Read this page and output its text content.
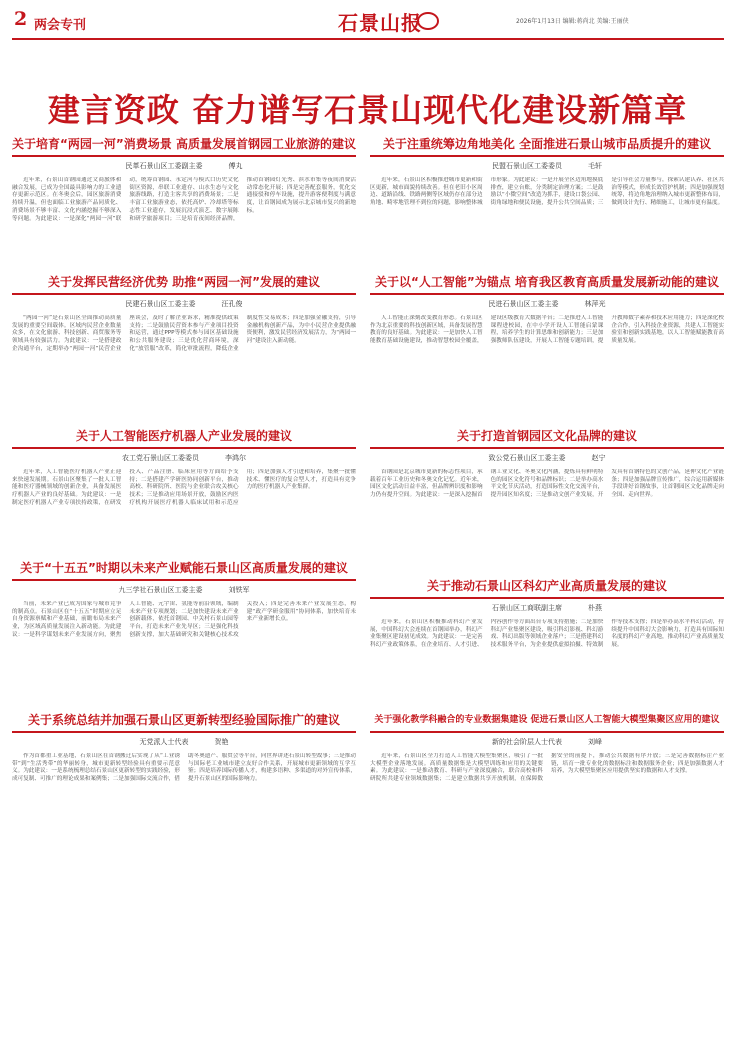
2 两会专刊	石景山报	2026年1月13日 编辑:蒋尚北 美编:王丽侠
建言资政 奋力谱写石景山现代化建设新篇章
关于培育“两园一河”消费场景 高质量发展首钢园工业旅游的建议
民革石景山区工委副主委	傅丸

近年来，石景山首钢园通过文商旅体和融合发展，已成为全国最具影响力的工业遗存更新示范区。在冬奥会后，园区旅游消费持续升温，但也面临工业旅游产品同质化、消费场景不够丰富、文化内涵挖掘不够深入等问题。为此建议：一是深化“两园一河”联动，统筹首钢园、永定河与模式口历史文化街区资源，串联工业遗存、山水生态与文化旅游线路，打造主客共享的消费场景；二是丰富工业旅游业态，依托高炉、冷却塔等标志性工业遗存，发展沉浸式演艺、数字展陈和研学旅游项目；三是培育夜间经济品牌，推动首钢园灯光秀、滨水市集等夜间消费活动常态化开展；四是完善配套服务，优化交通接驳和停车设施，提升游客便利度与满意度，让首钢园成为展示北京城市复兴的新地标。

关于注重统筹边角地美化 全面推进石景山城市品质提升的建议
民盟石景山区工委委员	毛轩

近年来，石景山区积极推进城市更新和街区更新，城市面貌持续改善。但在老旧小区周边、道路沿线、铁路两侧等区域仍存在部分边角地、畸零地管理不到位的问题，影响整体城市形象。为此建议：一是开展全区边角地摸底排查，建立台账，分类制定治理方案；二是鼓励以“小微空间”改造为抓手，建设口袋公园、街角绿地和便民设施，提升公共空间品质；三是引导社会力量参与，探索认建认养、社区共治等模式，形成长效管护机制；四是加强规划统筹，将边角地治理纳入城市更新整体布局，做到设计先行、精细施工，让城市更有温度。

关于发挥民营经济优势 助推“两园一河”发展的建议
民建石景山区工委主委	汪孔俊

“两园一河”是石景山区全面推动高质量发展的重要空间载体。区域内民营企业数量众多，在文化旅游、科技创新、商贸服务等领域具有较强活力。为此建议：一是搭建政企沟通平台，定期举办“两园一河”民营企业座谈会，及时了解企业诉求，精准提供政策支持；二是鼓励民营资本参与产业项目投资和运营，通过PPP等模式参与园区基础设施和公共服务建设；三是优化营商环境，深化“放管服”改革，简化审批流程，降低企业制度性交易成本；四是加强金融支持，引导金融机构创新产品，为中小民营企业提供融资便利，激发民营经济发展活力，为“两园一河”建设注入新动能。

关于以“人工智能”为锚点 培育我区教育高质量发展新动能的建议
民进石景山区工委主委	林萍光

人工智能正深刻改变教育形态。石景山区作为北京重要的科技创新区域，具备发展智慧教育的良好基础。为此建议：一是加快人工智能教育基础设施建设，推动智慧校园全覆盖，建设区级教育大数据平台；二是推进人工智能课程进校园，在中小学开设人工智能启蒙课程，培养学生的计算思维和创新能力；三是加强教师队伍建设，开展人工智能专题培训，提升教师数字素养和技术应用能力；四是深化校企合作，引入科技企业资源，共建人工智能实验室和创新实践基地，以人工智能赋能教育高质量发展。

关于人工智能医疗机器人产业发展的建议
农工党石景山区工委委员	李鸿尔

近年来，人工智能医疗机器人产业正迎来快速发展期。石景山区聚集了一批人工智能和医疗器械领域的创新企业，具备发展医疗机器人产业的良好基础。为此建议：一是制定医疗机器人产业专项扶持政策，在研发投入、产品注册、临床应用等方面给予支持；二是搭建产学研医协同创新平台，推动高校、科研院所、医院与企业联合攻关核心技术；三是推动应用场景开放，鼓励区内医疗机构开展医疗机器人临床试用和示范应用；四是加强人才引进和培养，集聚一批懂技术、懂医疗的复合型人才，打造具有竞争力的医疗机器人产业集群。

关于打造首钢园区文化品牌的建议
致公党石景山区工委主委	赵宁

首钢园是北京城市更新的标志性项目，承载着百年工业历史和冬奥文化记忆。近年来，园区文化活动日益丰富，但品牌辨识度和影响力仍有提升空间。为此建议：一是深入挖掘首钢工业文化、冬奥文化内涵，提炼具有鲜明特色的园区文化符号和品牌标识；二是举办高水平文化节庆活动，打造国际性文化交流平台，提升园区知名度；三是推动文创产业发展，开发具有首钢特色的文创产品，延伸文化产业链条；四是加强品牌宣传推广，综合运用新媒体手段讲好首钢故事，让首钢园区文化品牌走向全国、走向世界。

关于“十五五”时期以未来产业赋能石景山区高质量发展的建议
九三学社石景山区工委主委	刘铁军

当前，未来产业已成为国家与城市竞争的制高点。石景山区在“十五五”时期应立足自身资源禀赋和产业基础，前瞻布局未来产业，为区域高质量发展注入新动能。为此建议：一是科学谋划未来产业发展方向，聚焦人工智能、元宇宙、氢能等前沿领域，编制未来产业专项规划；二是加快建设未来产业创新载体，依托首钢园、中关村石景山园等平台，打造未来产业先导区；三是强化科技创新支撑，加大基础研究和关键核心技术攻关投入；四是完善未来产业发展生态，构建“政产学研金服用”协同体系，加快培育未来产业新增长点。

关于推动石景山区科幻产业高质量发展的建议
石景山区工商联副主席	朴燕

近年来，石景山区积极推动科幻产业发展，中国科幻大会连续在首钢园举办，科幻产业集聚区建设初见成效。为此建议：一是完善科幻产业政策体系，在企业培育、人才引进、内容创作等方面出台专项支持措施；二是加快科幻产业集聚区建设，吸引科幻影视、科幻游戏、科幻出版等领域企业落户；三是搭建科幻技术服务平台，为企业提供虚拟拍摄、特效制作等技术支撑；四是举办高水平科幻活动，持续提升中国科幻大会影响力，打造具有国际知名度的科幻产业高地，推动科幻产业高质量发展。

关于系统总结并加强石景山区更新转型经验国际推广的建议
无党派人士代表	贺艳

作为首都重工业基地，石景山区在首钢搬迁后实现了从“工业锈带”到“生活秀带”的华丽转身，城市更新转型经验具有重要示范意义。为此建议：一是系统梳理总结石景山区更新转型的实践经验，形成可复制、可推广的理论成果和案例集；二是加强国际交流合作，借助冬奥遗产、服贸会等平台，向世界讲述石景山转型故事；三是推动与国际老工业城市建立友好合作关系，开展城市更新领域的互学互鉴；四是培养国际传播人才，构建多语种、多渠道的对外宣传体系，提升石景山区的国际影响力。

关于强化教学科融合的专业数据集建设 促进石景山区人工智能大模型集聚区应用的建议
新的社会阶层人士代表	刘峰

近年来，石景山区全力打造人工智能大模型集聚区，吸引了一批大模型企业落地发展。高质量数据集是大模型训练和应用的关键要素。为此建议：一是推动教育、科研与产业深度融合，联合高校和科研院所共建专业领域数据集；二是建立数据共享开放机制，在保障数据安全的前提下，推动公共数据有序开放；三是完善数据标注产业链，培育一批专业化的数据标注和数据服务企业；四是加强数据人才培养，为大模型集聚区应用提供坚实的数据和人才支撑。
